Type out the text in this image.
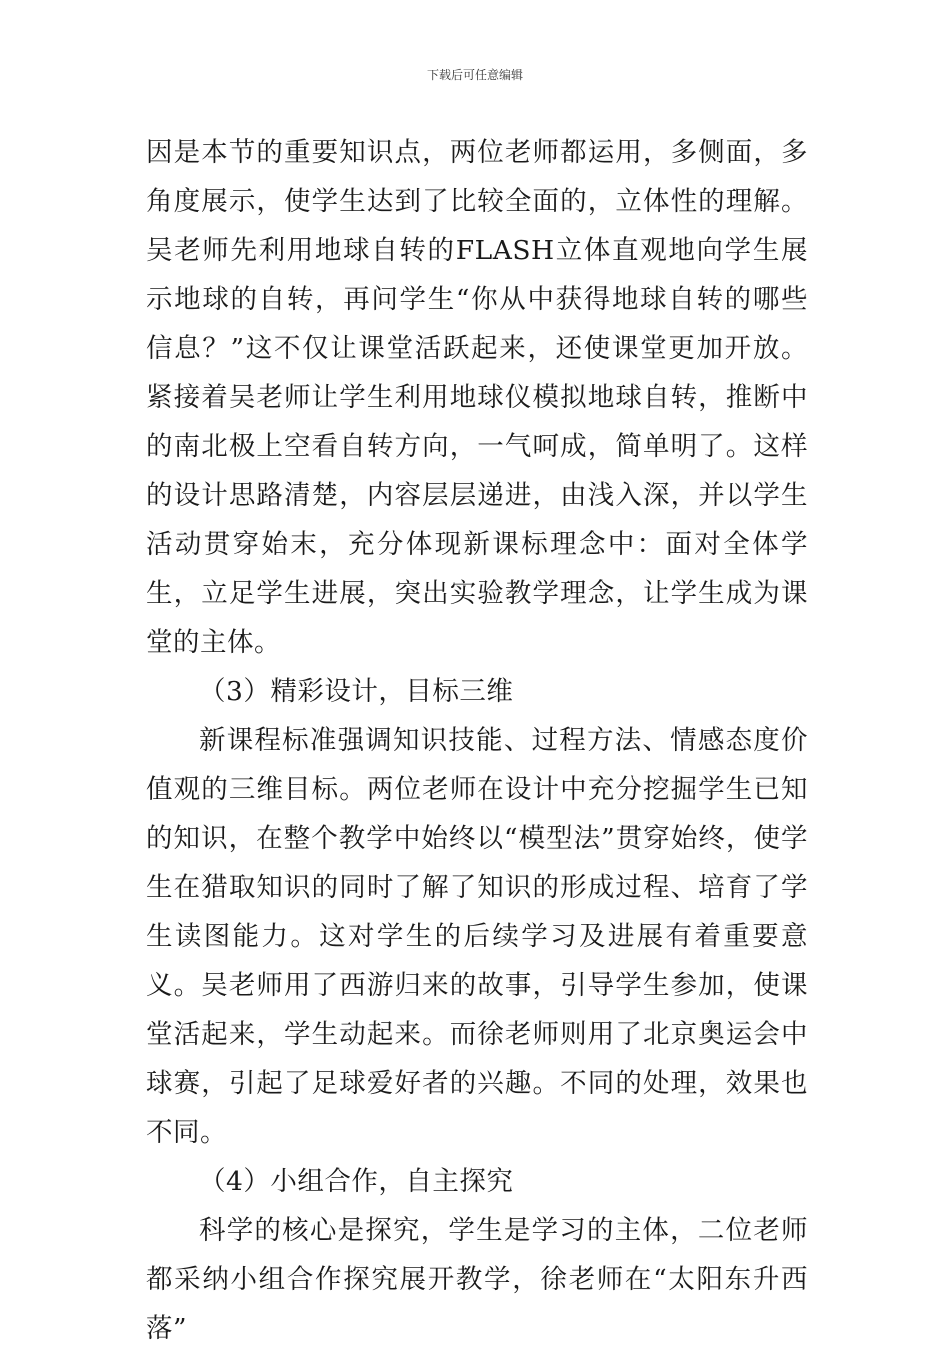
下载后可任意编辑

因是本节的重要知识点，两位老师都运用，多侧面，多角度展示，使学生达到了比较全面的，立体性的理解。吴老师先利用地球自转的FLASH立体直观地向学生展示地球的自转，再问学生“你从中获得地球自转的哪些信息？”这不仅让课堂活跃起来，还使课堂更加开放。紧接着吴老师让学生利用地球仪模拟地球自转，推断中的南北极上空看自转方向，一气呵成，简单明了。这样的设计思路清楚，内容层层递进，由浅入深，并以学生活动贯穿始末，充分体现新课标理念中：面对全体学生，立足学生进展，突出实验教学理念，让学生成为课堂的主体。

（3）精彩设计，目标三维

新课程标准强调知识技能、过程方法、情感态度价值观的三维目标。两位老师在设计中充分挖掘学生已知的知识，在整个教学中始终以“模型法”贯穿始终，使学生在猎取知识的同时了解了知识的形成过程、培育了学生读图能力。这对学生的后续学习及进展有着重要意义。吴老师用了西游归来的故事，引导学生参加，使课堂活起来，学生动起来。而徐老师则用了北京奥运会中球赛，引起了足球爱好者的兴趣。不同的处理，效果也不同。

（4）小组合作，自主探究

科学的核心是探究，学生是学习的主体，二位老师都采纳小组合作探究展开教学，徐老师在“太阳东升西落”
